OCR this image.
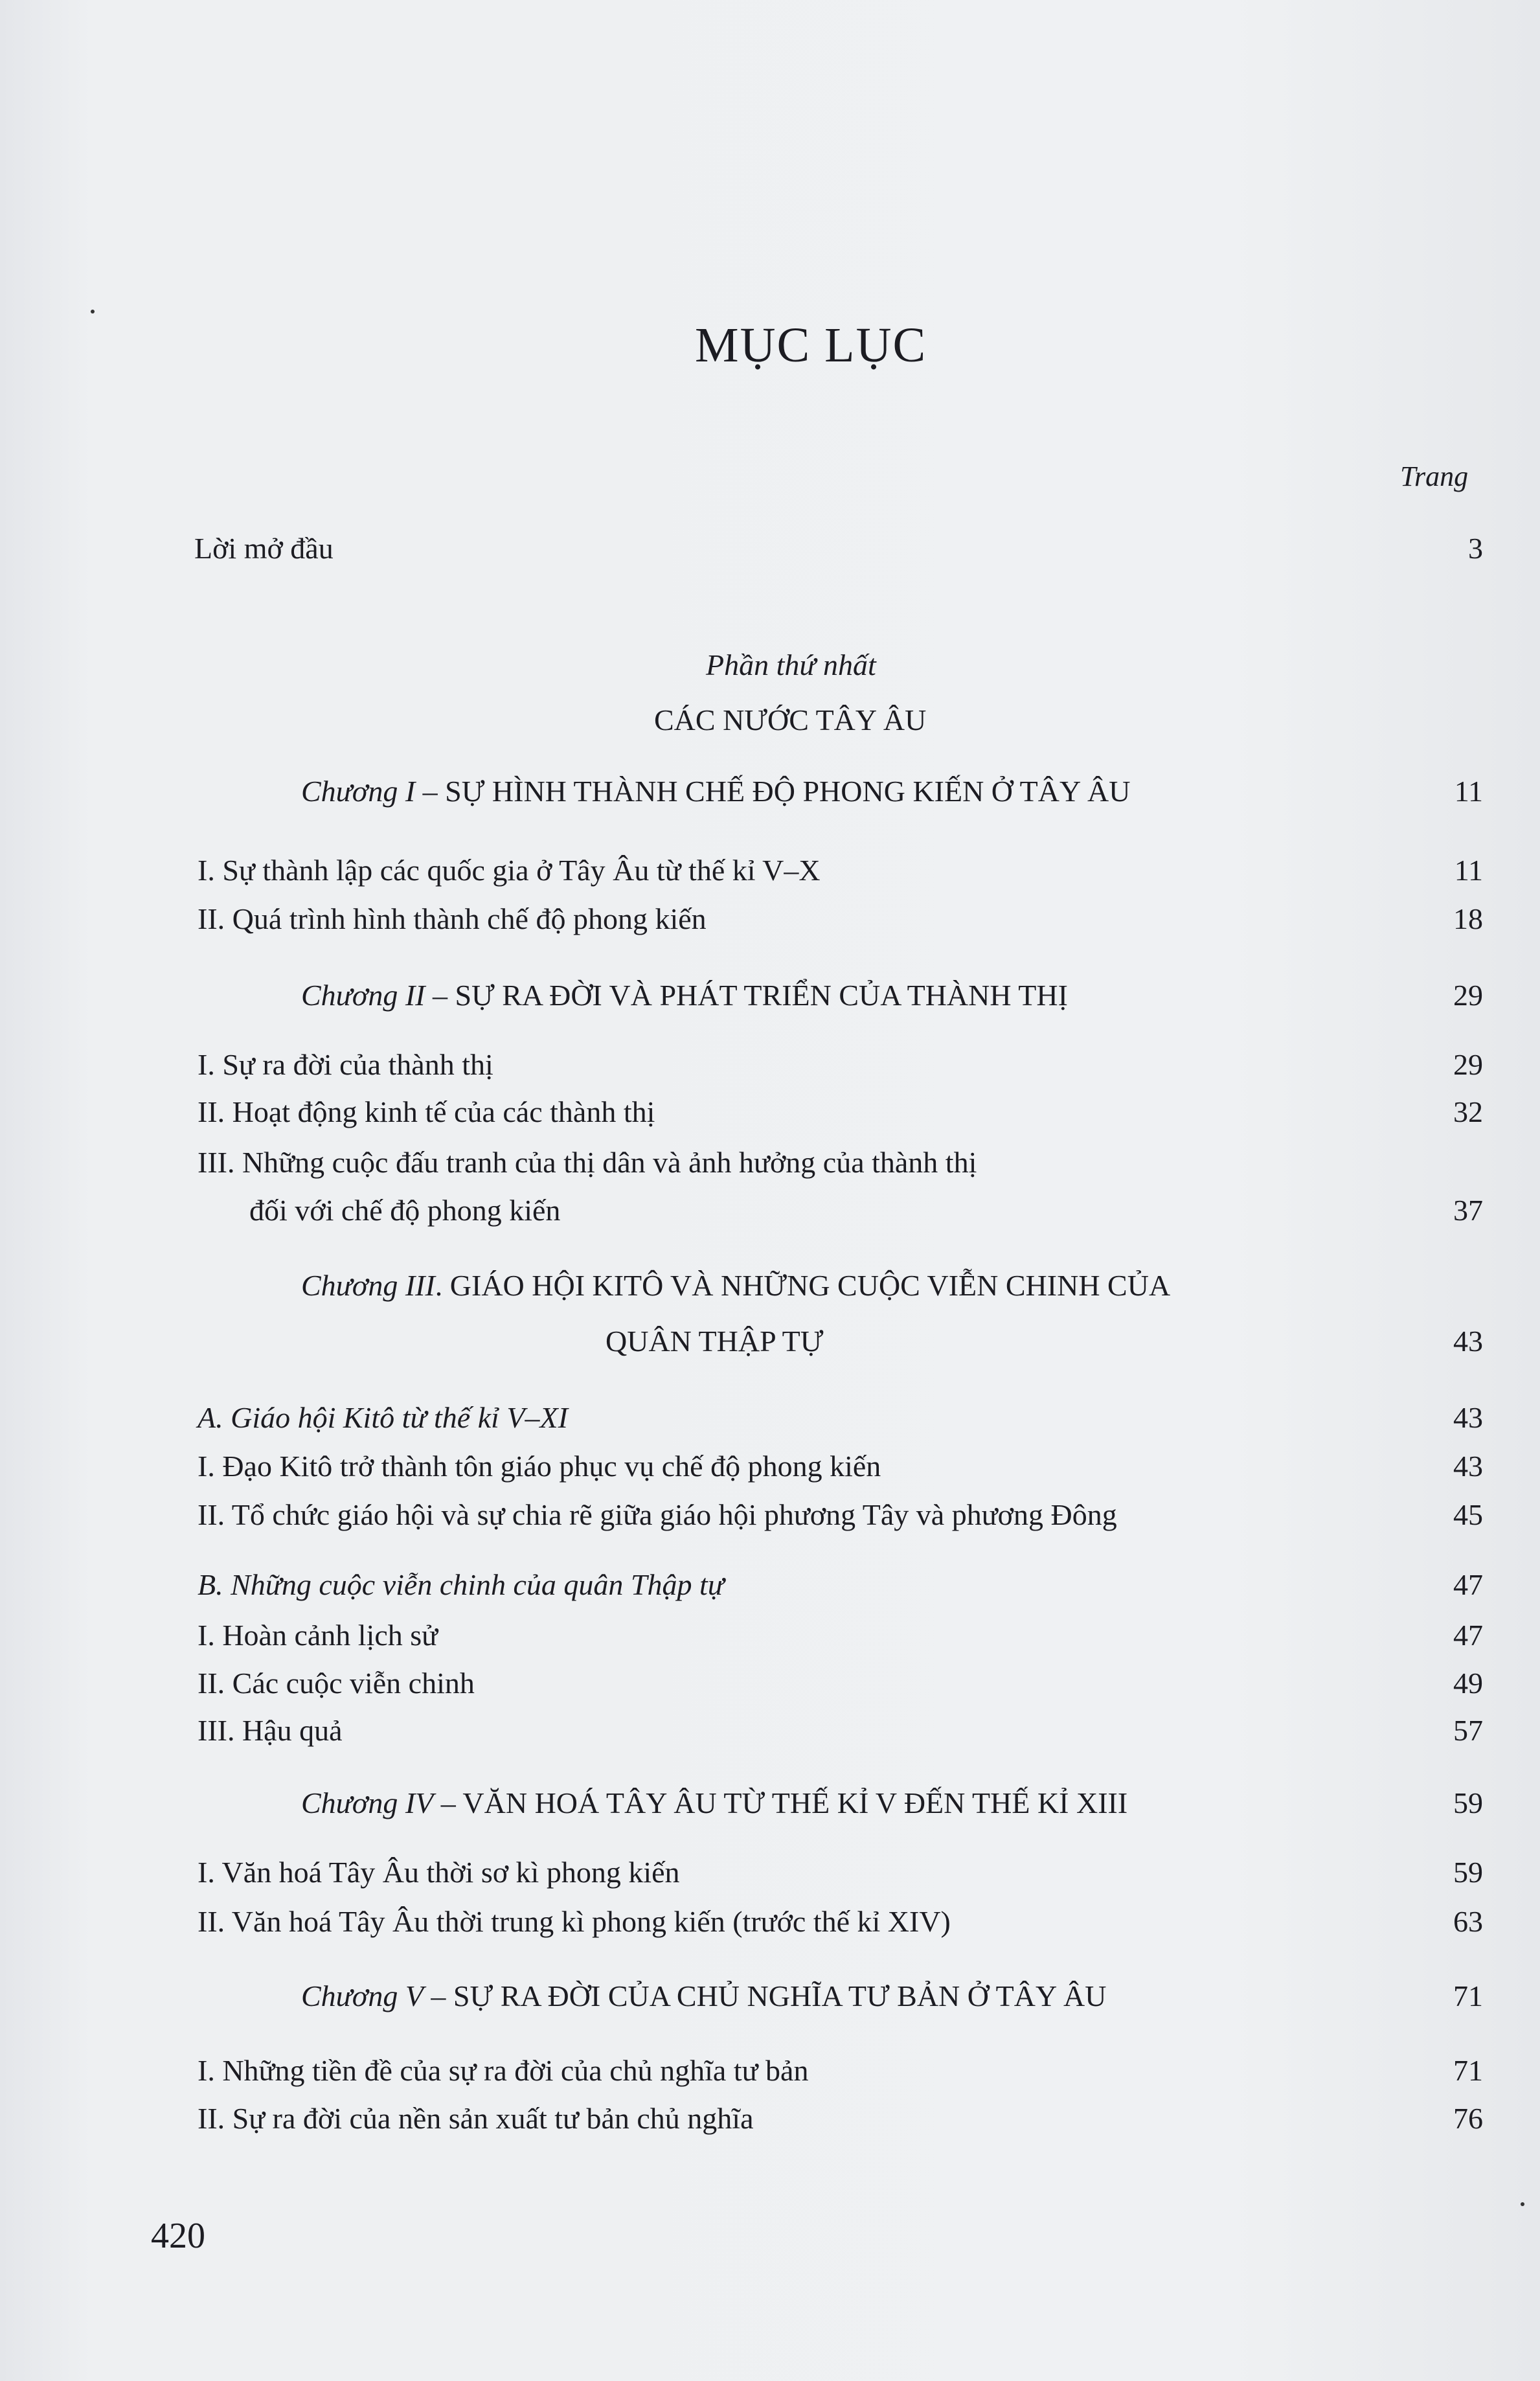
MỤC LỤC
Trang
Lời mở đầu	3
Phần thứ nhất
CÁC NƯỚC TÂY ÂU
Chương I – SỰ HÌNH THÀNH CHẾ ĐỘ PHONG KIẾN Ở TÂY ÂU	11
I. Sự thành lập các quốc gia ở Tây Âu từ thế kỉ V–X	11
II. Quá trình hình thành chế độ phong kiến	18
Chương II – SỰ RA ĐỜI VÀ PHÁT TRIỂN CỦA THÀNH THỊ	29
I. Sự ra đời của thành thị	29
II. Hoạt động kinh tế của các thành thị	32
III. Những cuộc đấu tranh của thị dân và ảnh hưởng của thành thị
đối với chế độ phong kiến	37
Chương III. GIÁO HỘI KITÔ VÀ NHỮNG CUỘC VIỄN CHINH CỦA
QUÂN THẬP TỰ	43
A. Giáo hội Kitô từ thế kỉ V–XI	43
I. Đạo Kitô trở thành tôn giáo phục vụ chế độ phong kiến	43
II. Tổ chức giáo hội và sự chia rẽ giữa giáo hội phương Tây và phương Đông	45
B. Những cuộc viễn chinh của quân Thập tự	47
I. Hoàn cảnh lịch sử	47
II. Các cuộc viễn chinh	49
III. Hậu quả	57
Chương IV – VĂN HOÁ TÂY ÂU TỪ THẾ KỈ V ĐẾN THẾ KỈ XIII	59
I. Văn hoá Tây Âu thời sơ kì phong kiến	59
II. Văn hoá Tây Âu thời trung kì phong kiến (trước thế kỉ XIV)	63
Chương V – SỰ RA ĐỜI CỦA CHỦ NGHĨA TƯ BẢN Ở TÂY ÂU	71
I. Những tiền đề của sự ra đời của chủ nghĩa tư bản	71
II. Sự ra đời của nền sản xuất tư bản chủ nghĩa	76
420
